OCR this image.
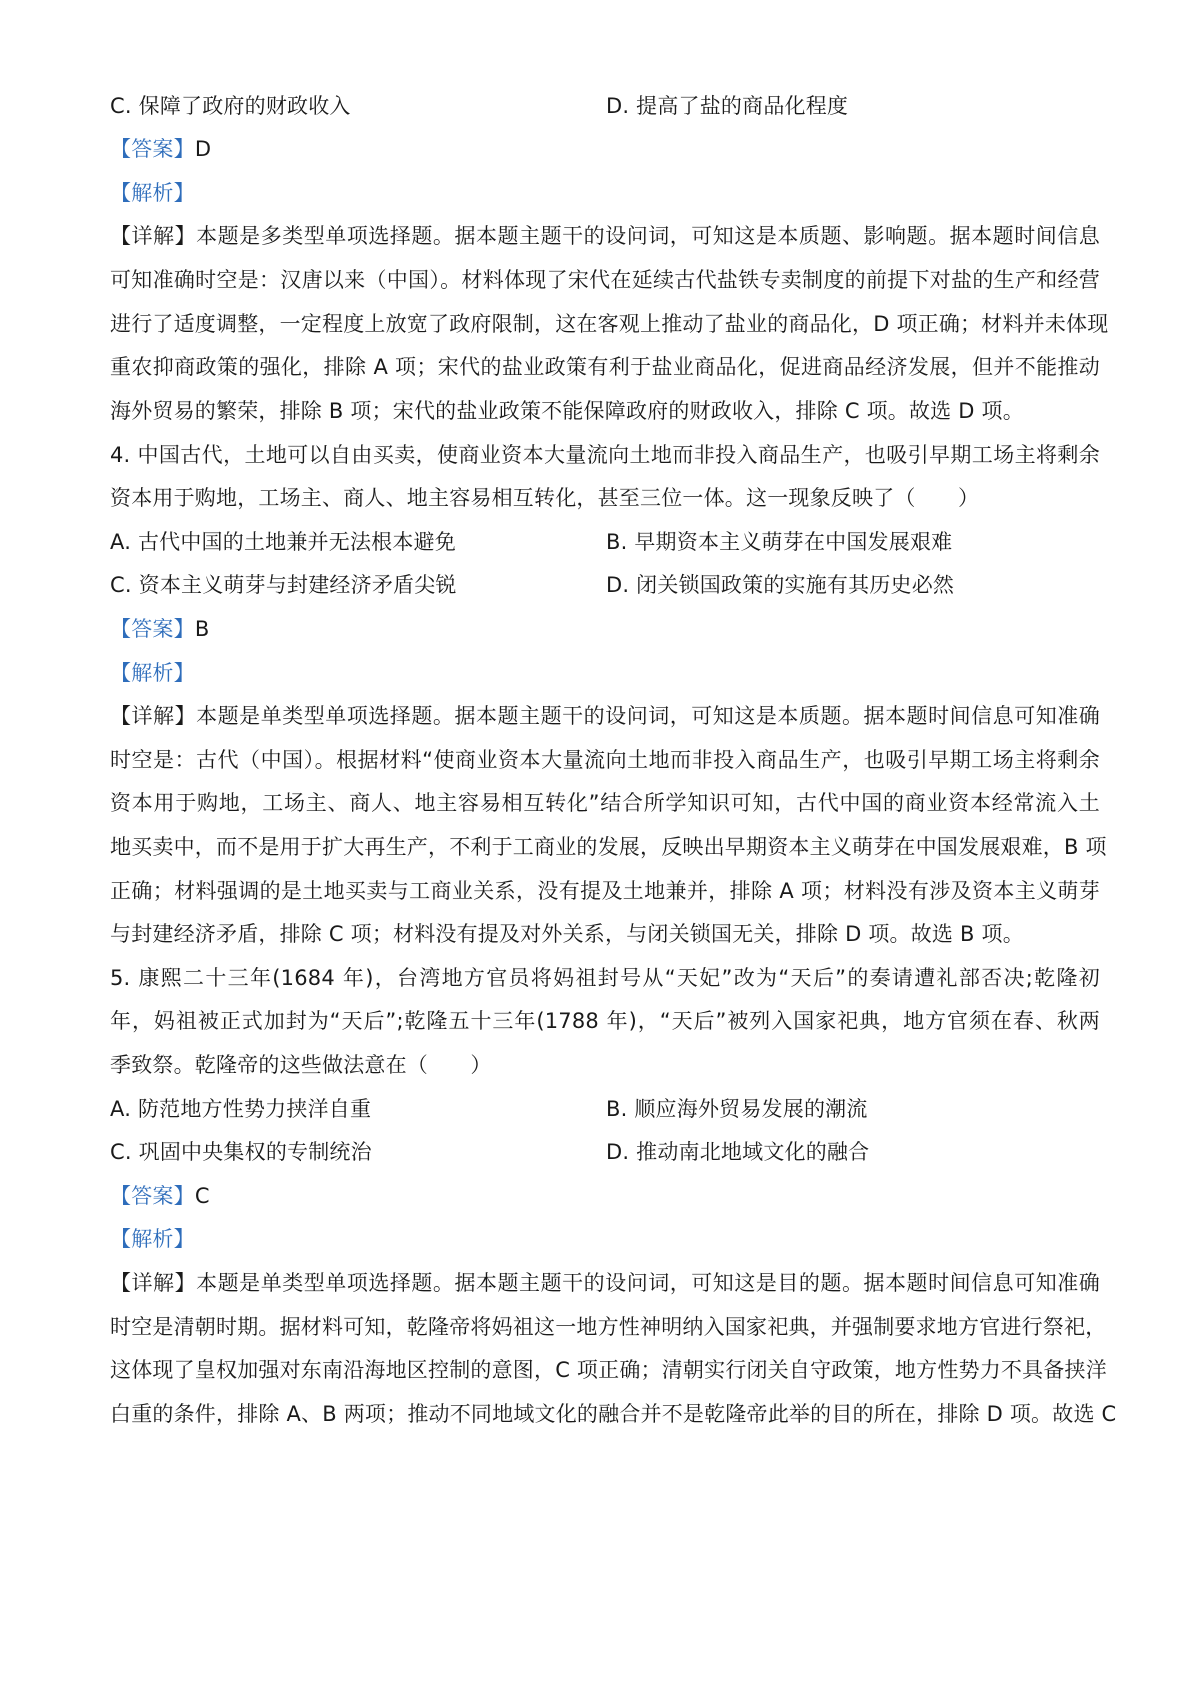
C. 保障了政府的财政收入	D. 提高了盐的商品化程度
【答案】D
【解析】
【详解】本题是多类型单项选择题。据本题主题干的设问词，可知这是本质题、影响题。据本题时间信息
可知准确时空是：汉唐以来（中国）。材料体现了宋代在延续古代盐铁专卖制度的前提下对盐的生产和经营
进行了适度调整，一定程度上放宽了政府限制，这在客观上推动了盐业的商品化，D 项正确；材料并未体现
重农抑商政策的强化，排除 A 项；宋代的盐业政策有利于盐业商品化，促进商品经济发展，但并不能推动
海外贸易的繁荣，排除 B 项；宋代的盐业政策不能保障政府的财政收入，排除 C 项。故选 D 项。
4. 中国古代，土地可以自由买卖，使商业资本大量流向土地而非投入商品生产，也吸引早期工场主将剩余
资本用于购地，工场主、商人、地主容易相互转化，甚至三位一体。这一现象反映了（　　）
A. 古代中国的土地兼并无法根本避免	B. 早期资本主义萌芽在中国发展艰难
C. 资本主义萌芽与封建经济矛盾尖锐	D. 闭关锁国政策的实施有其历史必然
【答案】B
【解析】
【详解】本题是单类型单项选择题。据本题主题干的设问词，可知这是本质题。据本题时间信息可知准确
时空是：古代（中国）。根据材料“使商业资本大量流向土地而非投入商品生产，也吸引早期工场主将剩余
资本用于购地，工场主、商人、地主容易相互转化”结合所学知识可知，古代中国的商业资本经常流入土
地买卖中，而不是用于扩大再生产，不利于工商业的发展，反映出早期资本主义萌芽在中国发展艰难，B 项
正确；材料强调的是土地买卖与工商业关系，没有提及土地兼并，排除 A 项；材料没有涉及资本主义萌芽
与封建经济矛盾，排除 C 项；材料没有提及对外关系，与闭关锁国无关，排除 D 项。故选 B 项。
5. 康熙二十三年(1684 年)，台湾地方官员将妈祖封号从“天妃”改为“天后”的奏请遭礼部否决;乾隆初
年，妈祖被正式加封为“天后”;乾隆五十三年(1788 年)，“天后”被列入国家祀典，地方官须在春、秋两
季致祭。乾隆帝的这些做法意在（　　）
A. 防范地方性势力挟洋自重	B. 顺应海外贸易发展的潮流
C. 巩固中央集权的专制统治	D. 推动南北地域文化的融合
【答案】C
【解析】
【详解】本题是单类型单项选择题。据本题主题干的设问词，可知这是目的题。据本题时间信息可知准确
时空是清朝时期。据材料可知，乾隆帝将妈祖这一地方性神明纳入国家祀典，并强制要求地方官进行祭祀，
这体现了皇权加强对东南沿海地区控制的意图，C 项正确；清朝实行闭关自守政策，地方性势力不具备挟洋
白重的条件，排除 A、B 两项；推动不同地域文化的融合并不是乾隆帝此举的目的所在，排除 D 项。故选 C
